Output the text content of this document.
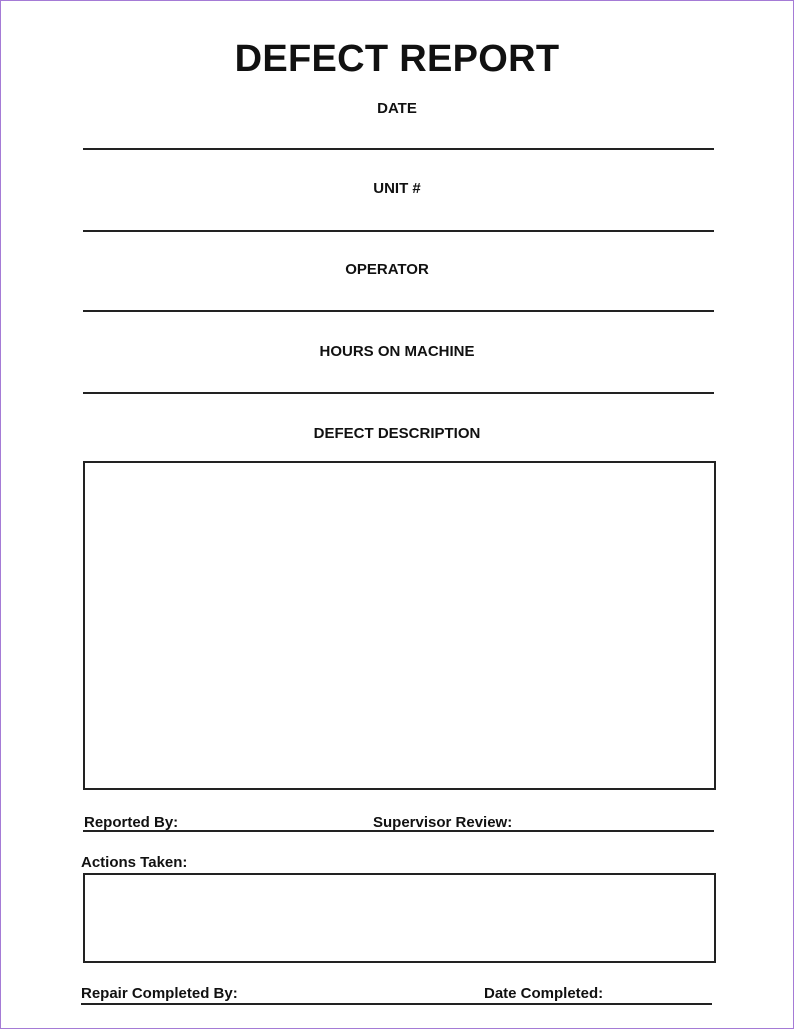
DEFECT REPORT
DATE
UNIT #
OPERATOR
HOURS ON MACHINE
DEFECT DESCRIPTION
Reported By:	Supervisor Review:
Actions Taken:
Repair Completed By:	Date Completed:
